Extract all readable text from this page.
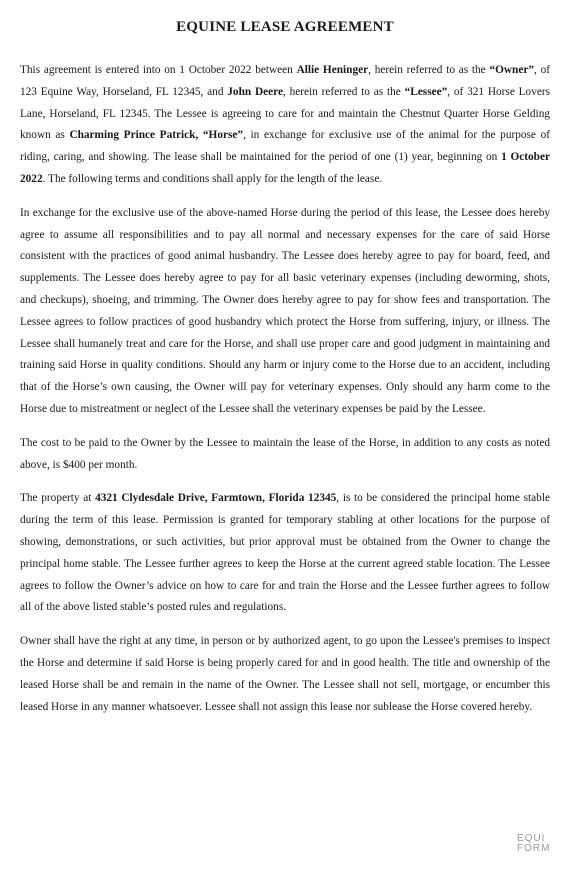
EQUINE LEASE AGREEMENT

This agreement is entered into on 1 October 2022 between Allie Heninger, herein referred to as the “Owner”, of 123 Equine Way, Horseland, FL 12345, and John Deere, herein referred to as the “Lessee”, of 321 Horse Lovers Lane, Horseland, FL 12345. The Lessee is agreeing to care for and maintain the Chestnut Quarter Horse Gelding known as Charming Prince Patrick, “Horse”, in exchange for exclusive use of the animal for the purpose of riding, caring, and showing. The lease shall be maintained for the period of one (1) year, beginning on 1 October 2022. The following terms and conditions shall apply for the length of the lease.

In exchange for the exclusive use of the above-named Horse during the period of this lease, the Lessee does hereby agree to assume all responsibilities and to pay all normal and necessary expenses for the care of said Horse consistent with the practices of good animal husbandry. The Lessee does hereby agree to pay for board, feed, and supplements. The Lessee does hereby agree to pay for all basic veterinary expenses (including deworming, shots, and checkups), shoeing, and trimming. The Owner does hereby agree to pay for show fees and transportation. The Lessee agrees to follow practices of good husbandry which protect the Horse from suffering, injury, or illness. The Lessee shall humanely treat and care for the Horse, and shall use proper care and good judgment in maintaining and training said Horse in quality conditions. Should any harm or injury come to the Horse due to an accident, including that of the Horse’s own causing, the Owner will pay for veterinary expenses. Only should any harm come to the Horse due to mistreatment or neglect of the Lessee shall the veterinary expenses be paid by the Lessee.

The cost to be paid to the Owner by the Lessee to maintain the lease of the Horse, in addition to any costs as noted above, is $400 per month.

The property at 4321 Clydesdale Drive, Farmtown, Florida 12345, is to be considered the principal home stable during the term of this lease. Permission is granted for temporary stabling at other locations for the purpose of showing, demonstrations, or such activities, but prior approval must be obtained from the Owner to change the principal home stable. The Lessee further agrees to keep the Horse at the current agreed stable location. The Lessee agrees to follow the Owner’s advice on how to care for and train the Horse and the Lessee further agrees to follow all of the above listed stable’s posted rules and regulations.

Owner shall have the right at any time, in person or by authorized agent, to go upon the Lessee's premises to inspect the Horse and determine if said Horse is being properly cared for and in good health. The title and ownership of the leased Horse shall be and remain in the name of the Owner. The Lessee shall not sell, mortgage, or encumber this leased Horse in any manner whatsoever. Lessee shall not assign this lease nor sublease the Horse covered hereby.

EQUI
FORM
